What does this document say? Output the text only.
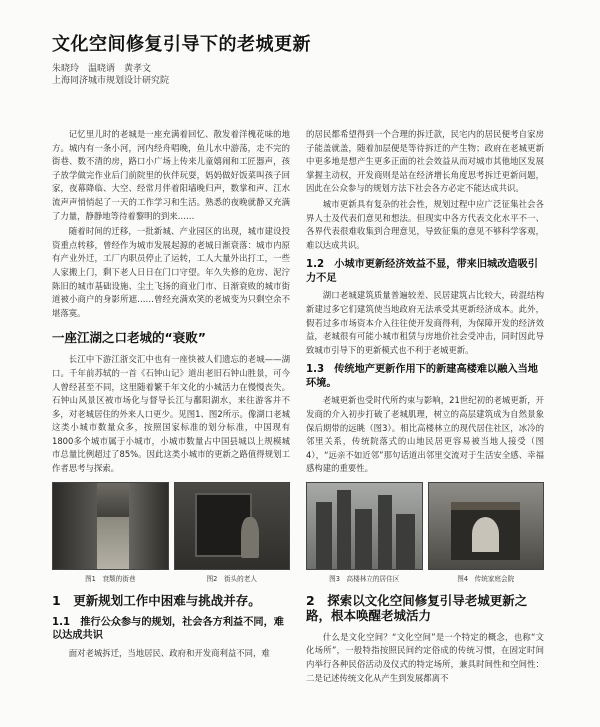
文化空间修复引导下的老城更新
朱晓玲　温晓谞　黄孝文
上海同济城市规划设计研究院

记忆里儿时的老城是一座充满着回忆、散发着洋槐花味的地方。城内有一条小河，河内经舟唱晚，鱼儿水中游荡，走不完的街巷、数不清的房，路口小广场上传来儿童嬉闹和工匠器声，孩子放学做完作业后门前院里的伙伴玩耍，妈妈做好饭菜叫孩子回家，夜幕降临、大空、经常月伴着阳墙晚归声，数掌和声、江水流声声悄悄起了一天的工作学习和生活。熟悉的夜晚就静又充满了力量，静静地等待着黎明的到来……

随着时间的迁移，一批新城、产业园区的出现，城市建设投资重点转移，曾经作为城市发展起源的老城日渐衰落：城市内原有产业外迁，工厂内职员停止了运转，工人大量外出打工，一些人家搬上门，剩下老人日日在门口守望。年久失修的危房、泥泞陈旧的城市基础设施、尘土飞扬的商业门市、日渐衰败的城市街道被小商户的身影所遮……曾经充满欢笑的老城变为只剩空余不堪落寞。

一座江湖之口老城的“衰败”

长江中下游江浙交汇中也有一座快被人们遗忘的老城——湖口。千年前苏轼的一首《石钟山记》道出老旧石钟山胜景，可今人曾经甚至不同，这里随着繁千年文化的小城活力在慢慢丧失。石钟山风景区被市场化与督导长江与鄱阳湖水，来往游客并不多，对老城居住的外来人口更少。见图1、图2所示。像湖口老城这类小城市数量众多，按照国家标准的划分标准，中国现有1800多个城市属于小城市，小城市数量占中国县城以上规模城市总量比例超过了85%。因此这类小城市的更新之路值得规划工作者思考与探索。

图1　衰颓的街巷	图2　街头的老人
1　更新规划工作中困难与挑战并存。
1.1　推行公众参与的规划，社会各方利益不同，难以达成共识

面对老城拆迁，当地居民、政府和开发商利益不同，难

的居民都希望得到一个合理的拆迁款，民宅内的居民便考自家房子能盖就盖，随着加层便是等待拆迁的产生物；政府在老城更新中更多地是想产生更多正面的社会效益从而对城市其他地区发展掌握主动权，开发商则是站在经济增长角度思考拆迁更新问题，因此在公众参与的规划方法下社会各方必定不能达成共识。

城市更新具有复杂的社会性，规划过程中应广泛征集社会各界人士及代表们意见和想法。但现实中各方代表文化水平不一、各界代表很难收集到合理意见，导致征集的意见不够科学客观，难以达成共识。

1.2　小城市更新经济效益不显，带来旧城改造吸引力不足

湖口老城建筑质量普遍较差、民居建筑占比较大，砖混结构新建过多它们建筑使当地政府无法承受其更新经济成本。此外，假若过多市场资本介入往往使开发商得利，为保障开发的经济效益，老城很有可能小城市租赁与房地价社会受冲击，同时因此导致城市引导下的更新模式也不利于老城更新。

1.3　传统地产更新作用下的新建高楼难以融入当地环境。

老城更新也受时代所约束与影响，21世纪初的老城更新，开发商的介入初步打破了老城肌理，树立的高层建筑成为自然景象保后期带的远眺（图3）。相比高楼林立的现代居住社区，冰冷的邻里关系，传统院落式的山地民居更容易被当地人接受（图4），“远亲不如近邻”那句话道出邻里交流对于生活安全感、幸福感构建的重要性。

图3　高楼林立的居住区	图4　传统家庭会院
2　探索以文化空间修复引导老城更新之路，根本唤醒老城活力

什么是文化空间？“文化空间”是一个特定的概念，也称“文化场所”，一般特指按照民间约定俗成的传统习惯，在固定时间内举行各种民俗活动及仪式的特定场所，兼具时间性和空间性：二是记述传统文化从产生到发展都离不
